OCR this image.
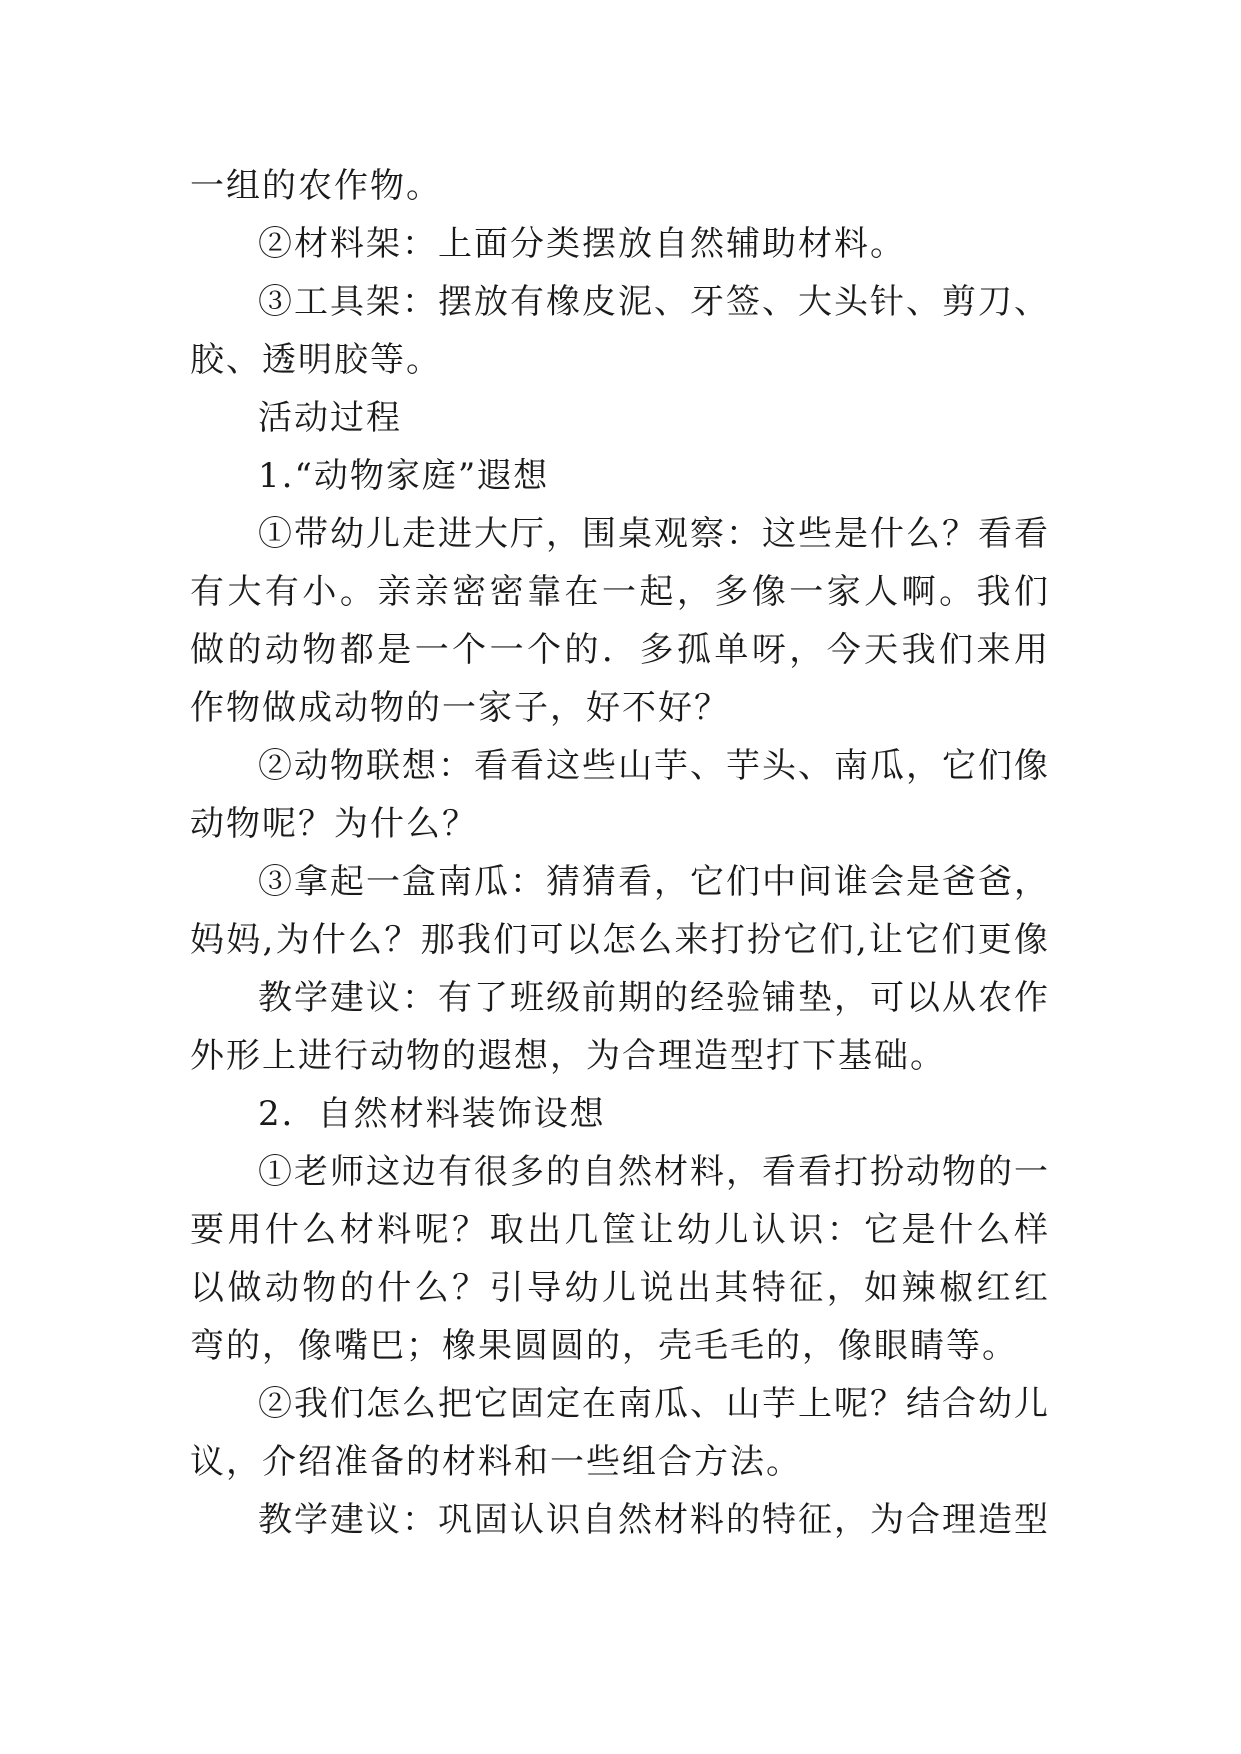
一组的农作物。
②材料架：上面分类摆放自然辅助材料。
③工具架：摆放有橡皮泥、牙签、大头针、剪刀、
胶、透明胶等。
活动过程
1.“动物家庭”遐想
①带幼儿走进大厅，围桌观察：这些是什么？看看
有大有小。亲亲密密靠在一起，多像一家人啊。我们
做的动物都是一个一个的．多孤单呀，今天我们来用
作物做成动物的一家子，好不好？
②动物联想：看看这些山芋、芋头、南瓜，它们像
动物呢？为什么？
③拿起一盒南瓜：猜猜看，它们中间谁会是爸爸，
妈妈,为什么？那我们可以怎么来打扮它们,让它们更像
教学建议：有了班级前期的经验铺垫，可以从农作
外形上进行动物的遐想，为合理造型打下基础。
2．自然材料装饰设想
①老师这边有很多的自然材料，看看打扮动物的一
要用什么材料呢？取出几筐让幼儿认识：它是什么样
以做动物的什么？引导幼儿说出其特征，如辣椒红红
弯的，像嘴巴；橡果圆圆的，壳毛毛的，像眼睛等。
②我们怎么把它固定在南瓜、山芋上呢？结合幼儿
议，介绍准备的材料和一些组合方法。
教学建议：巩固认识自然材料的特征，为合理造型
